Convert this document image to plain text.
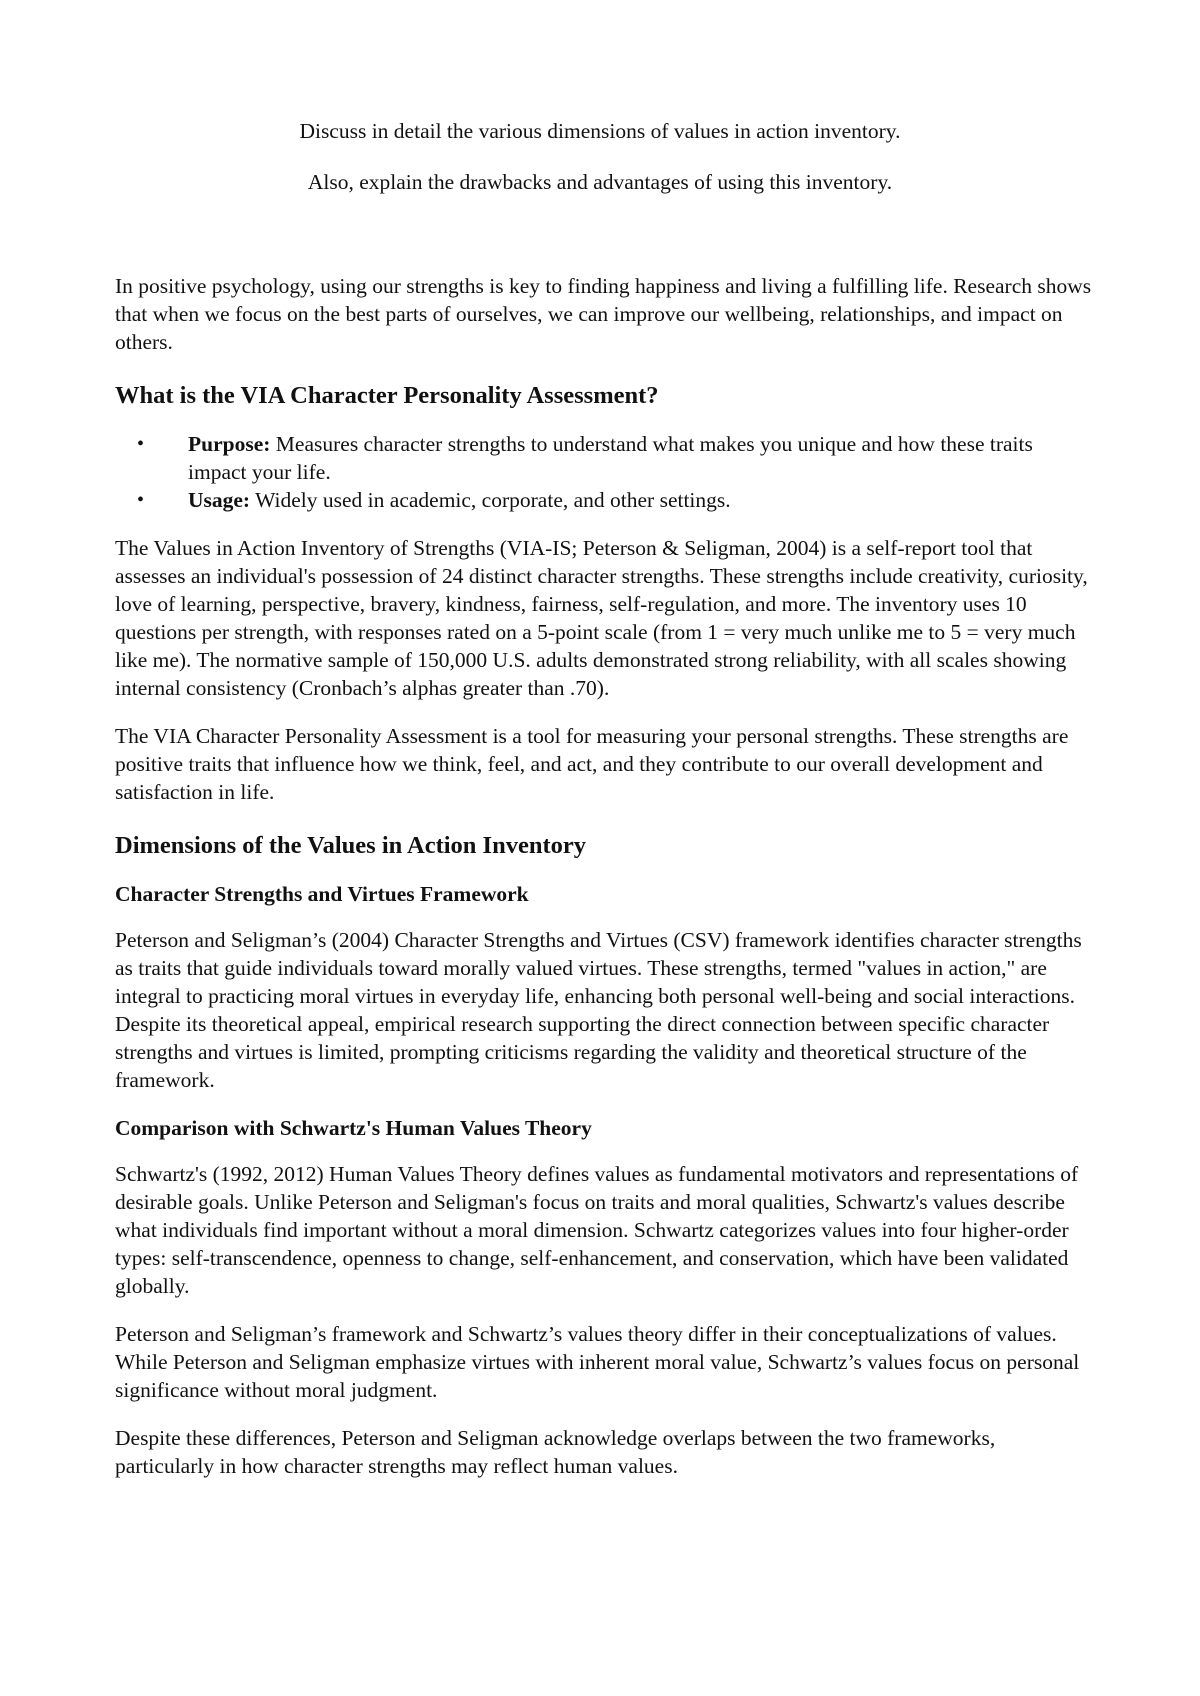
Discuss in detail the various dimensions of values in action inventory.

Also, explain the drawbacks and advantages of using this inventory.

In positive psychology, using our strengths is key to finding happiness and living a fulfilling life. Research shows that when we focus on the best parts of ourselves, we can improve our wellbeing, relationships, and impact on others.

What is the VIA Character Personality Assessment?
• Purpose: Measures character strengths to understand what makes you unique and how these traits impact your life.
• Usage: Widely used in academic, corporate, and other settings.

The Values in Action Inventory of Strengths (VIA-IS; Peterson & Seligman, 2004) is a self-report tool that assesses an individual's possession of 24 distinct character strengths. These strengths include creativity, curiosity, love of learning, perspective, bravery, kindness, fairness, self-regulation, and more. The inventory uses 10 questions per strength, with responses rated on a 5-point scale (from 1 = very much unlike me to 5 = very much like me). The normative sample of 150,000 U.S. adults demonstrated strong reliability, with all scales showing internal consistency (Cronbach’s alphas greater than .70).

The VIA Character Personality Assessment is a tool for measuring your personal strengths. These strengths are positive traits that influence how we think, feel, and act, and they contribute to our overall development and satisfaction in life.

Dimensions of the Values in Action Inventory
Character Strengths and Virtues Framework

Peterson and Seligman’s (2004) Character Strengths and Virtues (CSV) framework identifies character strengths as traits that guide individuals toward morally valued virtues. These strengths, termed "values in action," are integral to practicing moral virtues in everyday life, enhancing both personal well-being and social interactions. Despite its theoretical appeal, empirical research supporting the direct connection between specific character strengths and virtues is limited, prompting criticisms regarding the validity and theoretical structure of the framework.

Comparison with Schwartz's Human Values Theory

Schwartz's (1992, 2012) Human Values Theory defines values as fundamental motivators and representations of desirable goals. Unlike Peterson and Seligman's focus on traits and moral qualities, Schwartz's values describe what individuals find important without a moral dimension. Schwartz categorizes values into four higher-order types: self-transcendence, openness to change, self-enhancement, and conservation, which have been validated globally.

Peterson and Seligman’s framework and Schwartz’s values theory differ in their conceptualizations of values. While Peterson and Seligman emphasize virtues with inherent moral value, Schwartz’s values focus on personal significance without moral judgment.

Despite these differences, Peterson and Seligman acknowledge overlaps between the two frameworks, particularly in how character strengths may reflect human values.
